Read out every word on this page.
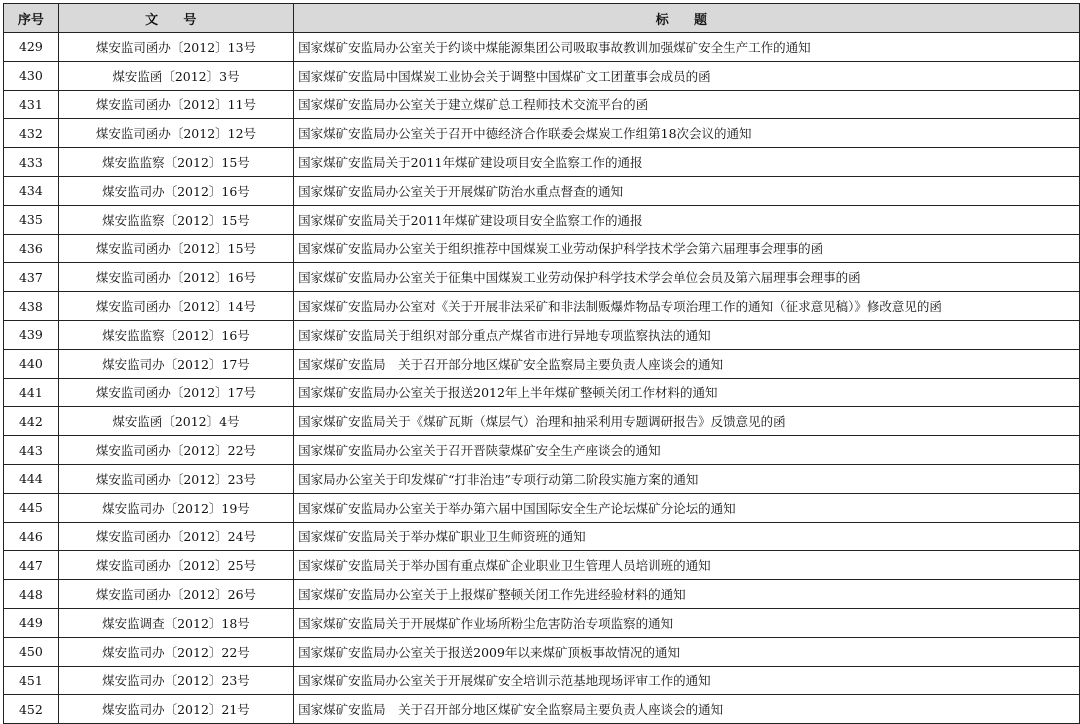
序号	文 号	标 题
429	煤安监司函办〔2012〕13号	国家煤矿安监局办公室关于约谈中煤能源集团公司吸取事故教训加强煤矿安全生产工作的通知
430	煤安监函〔2012〕3号	国家煤矿安监局中国煤炭工业协会关于调整中国煤矿文工团董事会成员的函
431	煤安监司函办〔2012〕11号	国家煤矿安监局办公室关于建立煤矿总工程师技术交流平台的函
432	煤安监司函办〔2012〕12号	国家煤矿安监局办公室关于召开中德经济合作联委会煤炭工作组第18次会议的通知
433	煤安监监察〔2012〕15号	国家煤矿安监局关于2011年煤矿建设项目安全监察工作的通报
434	煤安监司办〔2012〕16号	国家煤矿安监局办公室关于开展煤矿防治水重点督查的通知
435	煤安监监察〔2012〕15号	国家煤矿安监局关于2011年煤矿建设项目安全监察工作的通报
436	煤安监司函办〔2012〕15号	国家煤矿安监局办公室关于组织推荐中国煤炭工业劳动保护科学技术学会第六届理事会理事的函
437	煤安监司函办〔2012〕16号	国家煤矿安监局办公室关于征集中国煤炭工业劳动保护科学技术学会单位会员及第六届理事会理事的函
438	煤安监司函办〔2012〕14号	国家煤矿安监局办公室对《关于开展非法采矿和非法制贩爆炸物品专项治理工作的通知（征求意见稿）》修改意见的函
439	煤安监监察〔2012〕16号	国家煤矿安监局关于组织对部分重点产煤省市进行异地专项监察执法的通知
440	煤安监司办〔2012〕17号	国家煤矿安监局　关于召开部分地区煤矿安全监察局主要负责人座谈会的通知
441	煤安监司函办〔2012〕17号	国家煤矿安监局办公室关于报送2012年上半年煤矿整顿关闭工作材料的通知
442	煤安监函〔2012〕4号	国家煤矿安监局关于《煤矿瓦斯（煤层气）治理和抽采利用专题调研报告》反馈意见的函
443	煤安监司函办〔2012〕22号	国家煤矿安监局办公室关于召开晋陕蒙煤矿安全生产座谈会的通知
444	煤安监司函办〔2012〕23号	国家局办公室关于印发煤矿“打非治违”专项行动第二阶段实施方案的通知
445	煤安监司办〔2012〕19号	国家煤矿安监局办公室关于举办第六届中国国际安全生产论坛煤矿分论坛的通知
446	煤安监司函办〔2012〕24号	国家煤矿安监局关于举办煤矿职业卫生师资班的通知
447	煤安监司函办〔2012〕25号	国家煤矿安监局关于举办国有重点煤矿企业职业卫生管理人员培训班的通知
448	煤安监司函办〔2012〕26号	国家煤矿安监局办公室关于上报煤矿整顿关闭工作先进经验材料的通知
449	煤安监调查〔2012〕18号	国家煤矿安监局关于开展煤矿作业场所粉尘危害防治专项监察的通知
450	煤安监司办〔2012〕22号	国家煤矿安监局办公室关于报送2009年以来煤矿顶板事故情况的通知
451	煤安监司办〔2012〕23号	国家煤矿安监局办公室关于开展煤矿安全培训示范基地现场评审工作的通知
452	煤安监司办〔2012〕21号	国家煤矿安监局　关于召开部分地区煤矿安全监察局主要负责人座谈会的通知
